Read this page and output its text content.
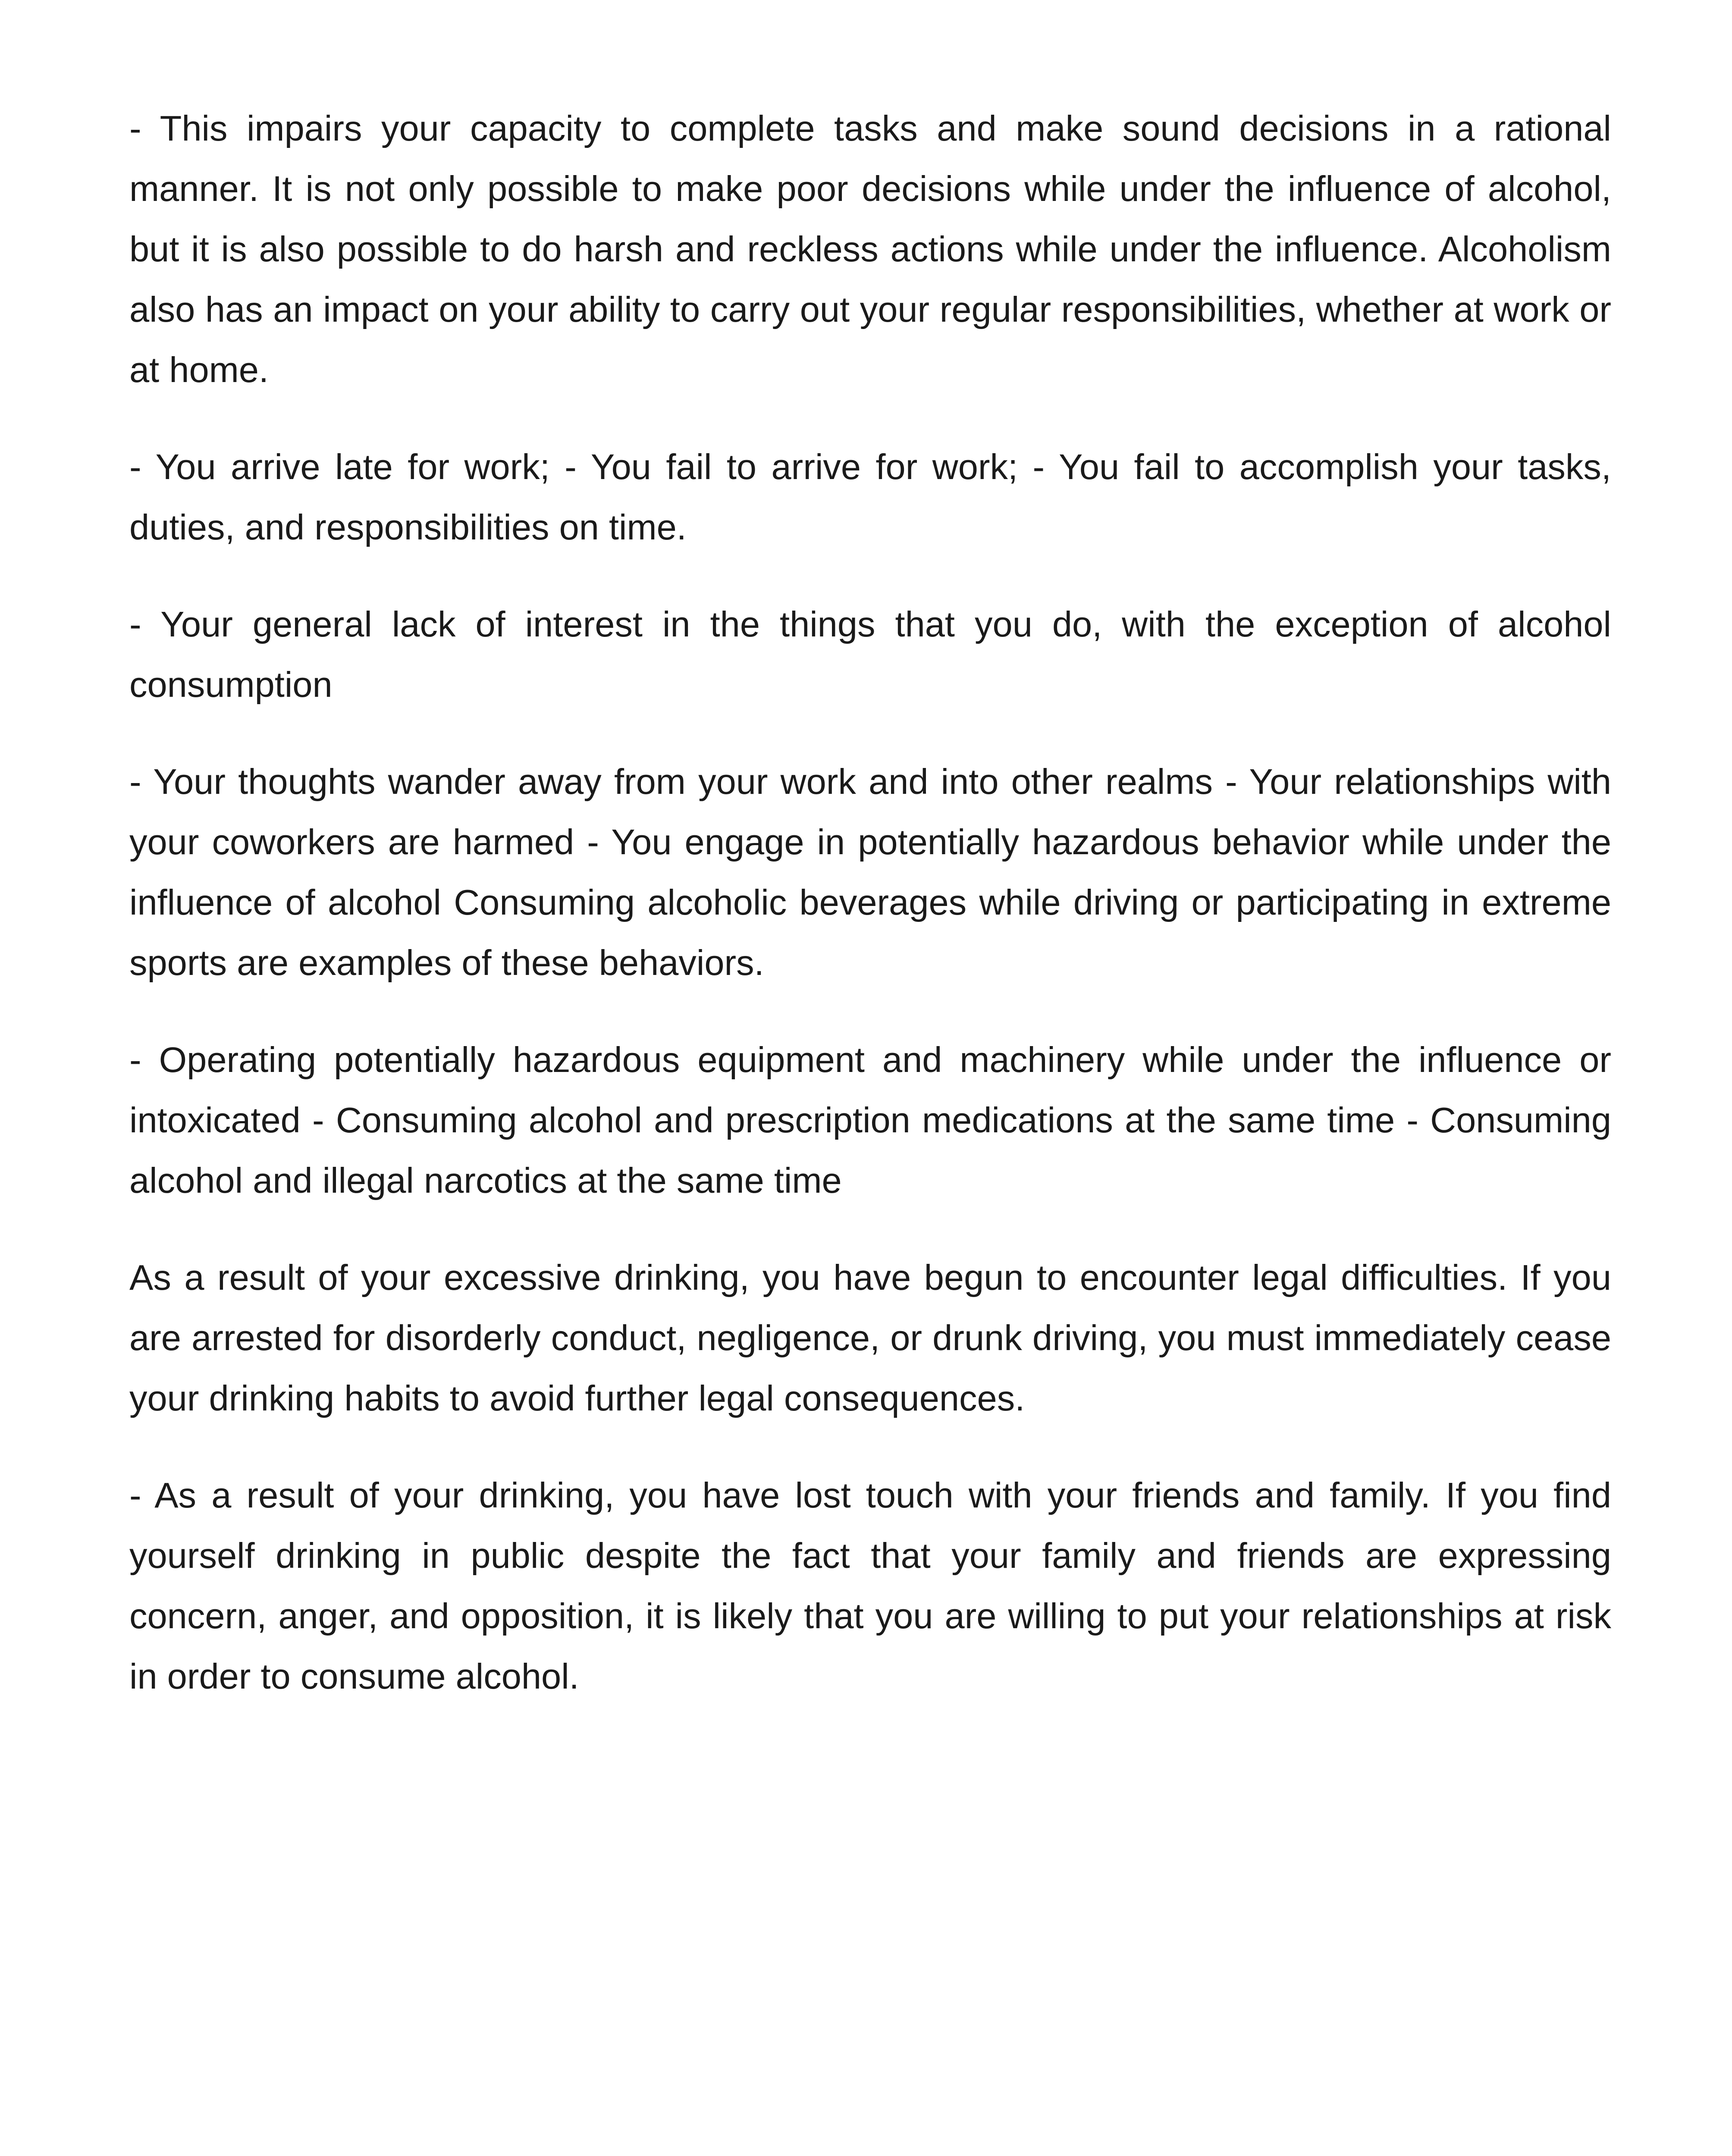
- This impairs your capacity to complete tasks and make sound decisions in a rational manner. It is not only possible to make poor decisions while under the influence of alcohol, but it is also possible to do harsh and reckless actions while under the influence. Alcoholism also has an impact on your ability to carry out your regular responsibilities, whether at work or at home.

- You arrive late for work; - You fail to arrive for work; - You fail to accomplish your tasks, duties, and responsibilities on time.

- Your general lack of interest in the things that you do, with the exception of alcohol consumption

- Your thoughts wander away from your work and into other realms - Your relationships with your coworkers are harmed - You engage in potentially hazardous behavior while under the influence of alcohol Consuming alcoholic beverages while driving or participating in extreme sports are examples of these behaviors.

- Operating potentially hazardous equipment and machinery while under the influence or intoxicated - Consuming alcohol and prescription medications at the same time - Consuming alcohol and illegal narcotics at the same time

As a result of your excessive drinking, you have begun to encounter legal difficulties. If you are arrested for disorderly conduct, negligence, or drunk driving, you must immediately cease your drinking habits to avoid further legal consequences.

- As a result of your drinking, you have lost touch with your friends and family. If you find yourself drinking in public despite the fact that your family and friends are expressing concern, anger, and opposition, it is likely that you are willing to put your relationships at risk in order to consume alcohol.
